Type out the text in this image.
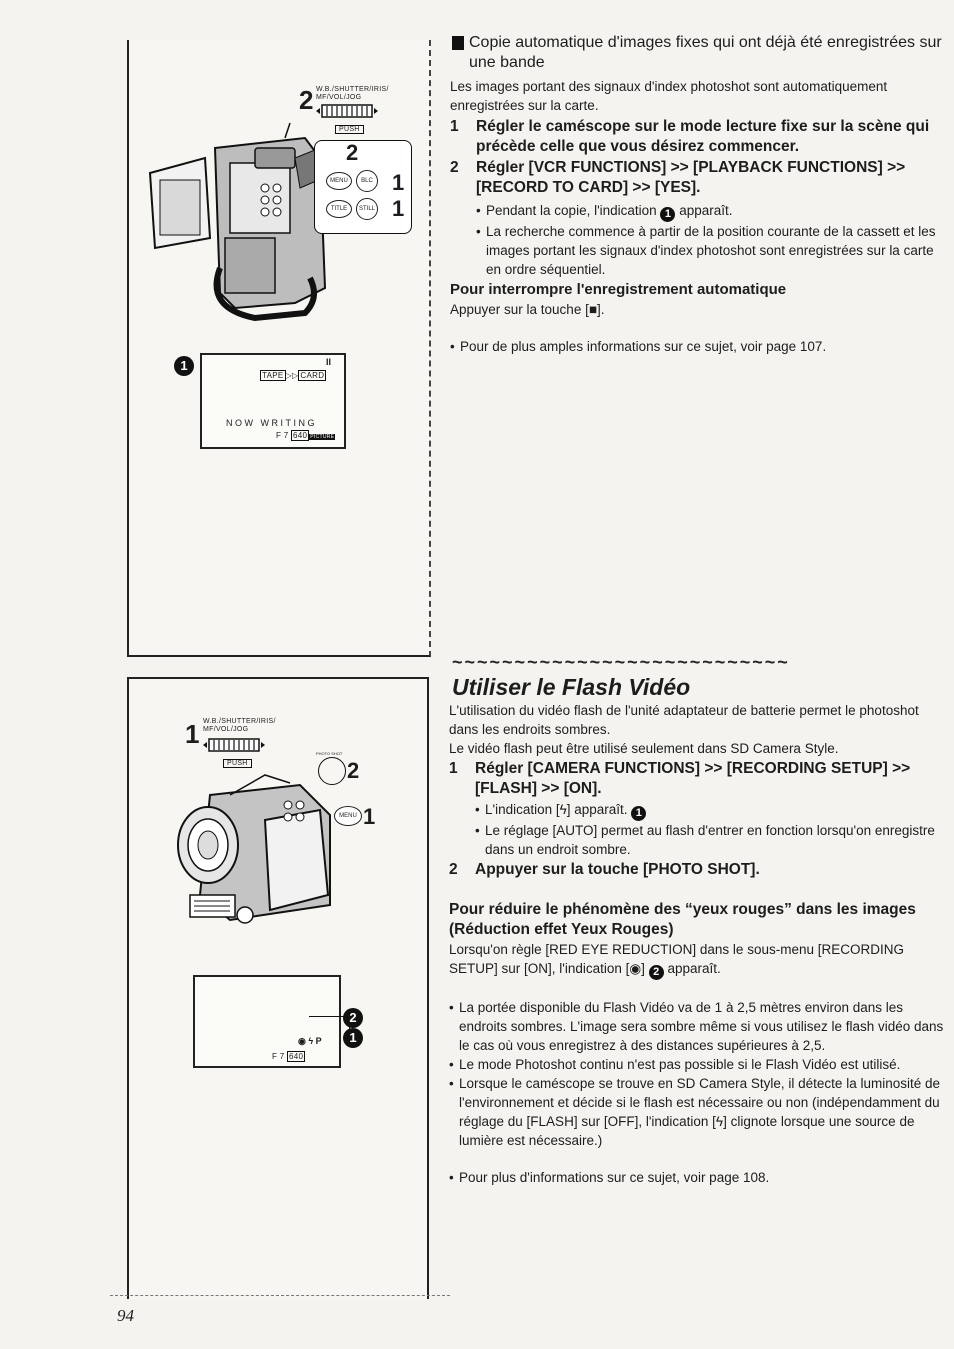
2 W.B./SHUTTER/IRIS/
MF/VOL/JOG
PUSH
2
MENU	BLC 1
TITLE	STILL 1
1	II
TAPE ▷▷ CARD
NOW WRITING
F 7 640 PICTURE
1 W.B./SHUTTER/IRIS/
MF/VOL/JOG
PUSH
PHOTO SHOT
2
MENU 1
2
1
◉ ϟ P
F 7 640
Copie automatique d'images fixes qui ont déjà été enregistrées sur une bande

Les images portant des signaux d'index photoshot sont automatiquement enregistrées sur la carte.

1	Régler le caméscope sur le mode lecture fixe sur la scène qui précède celle que vous désirez commencer.
2	Régler [VCR FUNCTIONS] >> [PLAYBACK FUNCTIONS] >> [RECORD TO CARD] >> [YES].
• Pendant la copie, l'indication 1 apparaît.
• La recherche commence à partir de la position courante de la cassett et les images portant les signaux d'index photoshot sont enregistrées sur la carte en ordre séquentiel.
Pour interrompre l'enregistrement automatique

Appuyer sur la touche [■].

• Pour de plus amples informations sur ce sujet, voir page 107.
~~~~~~~~~~~~~~~~~~~~~~~~~~~
Utiliser le Flash Vidéo

L'utilisation du vidéo flash de l'unité adaptateur de batterie permet le photoshot dans les endroits sombres.

Le vidéo flash peut être utilisé seulement dans SD Camera Style.

1	Régler [CAMERA FUNCTIONS] >> [RECORDING SETUP] >> [FLASH] >> [ON].
• L'indication [ϟ] apparaît. 1
• Le réglage [AUTO] permet au flash d'entrer en fonction lorsqu'on enregistre dans un endroit sombre.
2	Appuyer sur la touche [PHOTO SHOT].
Pour réduire le phénomène des “yeux rouges” dans les images (Réduction effet Yeux Rouges)

Lorsqu'on règle [RED EYE REDUCTION] dans le sous-menu [RECORDING SETUP] sur [ON], l'indication [◉] 2 apparaît.

• La portée disponible du Flash Vidéo va de 1 à 2,5 mètres environ dans les endroits sombres. L'image sera sombre même si vous utilisez le flash vidéo dans le cas où vous enregistrez à des distances supérieures à 2,5.
• Le mode Photoshot continu n'est pas possible si le Flash Vidéo est utilisé.
• Lorsque le caméscope se trouve en SD Camera Style, il détecte la luminosité de l'environnement et décide si le flash est nécessaire ou non (indépendamment du réglage du [FLASH] sur [OFF], l'indication [ϟ] clignote lorsque une source de lumière est nécessaire.)
• Pour plus d'informations sur ce sujet, voir page 108.
94
